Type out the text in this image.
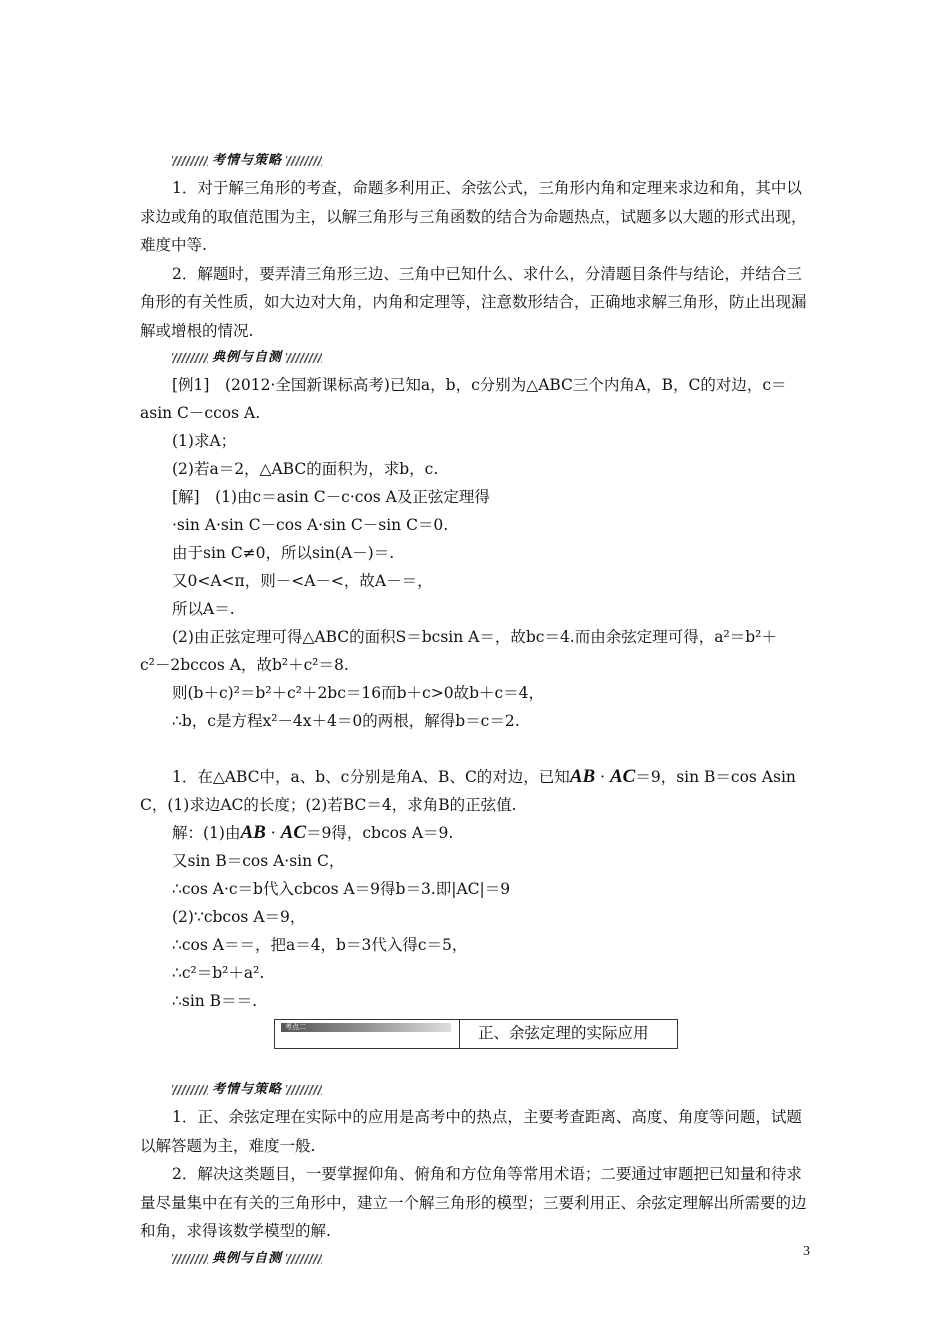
考情与策略
1．对于解三角形的考查，命题多利用正、余弦公式，三角形内角和定理来求边和角，其中以求边或角的取值范围为主，以解三角形与三角函数的结合为命题热点，试题多以大题的形式出现，难度中等.
2．解题时，要弄清三角形三边、三角中已知什么、求什么，分清题目条件与结论，并结合三角形的有关性质，如大边对大角，内角和定理等，注意数形结合，正确地求解三角形，防止出现漏解或增根的情况.
典例与自测
[例1]　(2012·全国新课标高考)已知a，b，c分别为△ABC三个内角A，B，C的对边，c＝
asin C－ccos A.
(1)求A；
(2)若a＝2，△ABC的面积为，求b，c.
[解]　(1)由c＝asin C－c·cos A及正弦定理得
·sin A·sin C－cos A·sin C－sin C＝0.
由于sin C≠0，所以sin(A－)＝.
又0<A<π，则－<A－<，故A－＝，
所以A＝.
(2)由正弦定理可得△ABC的面积S＝bcsin A＝，故bc＝4.而由余弦定理可得，a²＝b²＋
c²－2bccos A，故b²＋c²＝8.
则(b＋c)²＝b²＋c²＋2bc＝16而b＋c>0故b＋c＝4，
∴b，c是方程x²－4x＋4＝0的两根，解得b＝c＝2.
1．在△ABC中，a、b、c分别是角A、B、C的对边，已知AB · AC＝9，sin B＝cos Asin
C，(1)求边AC的长度；(2)若BC＝4，求角B的正弦值.
解：(1)由AB · AC＝9得，cbcos A＝9.
又sin B＝cos A·sin C，
∴cos A·c＝b代入cbcos A＝9得b＝3.即|AC|＝9
(2)∵cbcos A＝9，
∴cos A＝＝，把a＝4，b＝3代入得c＝5，
∴c²＝b²＋a².
∴sin B＝＝.
考点二	正、余弦定理的实际应用
考情与策略
1．正、余弦定理在实际中的应用是高考中的热点，主要考查距离、高度、角度等问题，试题以解答题为主，难度一般.
2．解决这类题目，一要掌握仰角、俯角和方位角等常用术语；二要通过审题把已知量和待求量尽量集中在有关的三角形中，建立一个解三角形的模型；三要利用正、余弦定理解出所需要的边和角，求得该数学模型的解.
典例与自测	3
